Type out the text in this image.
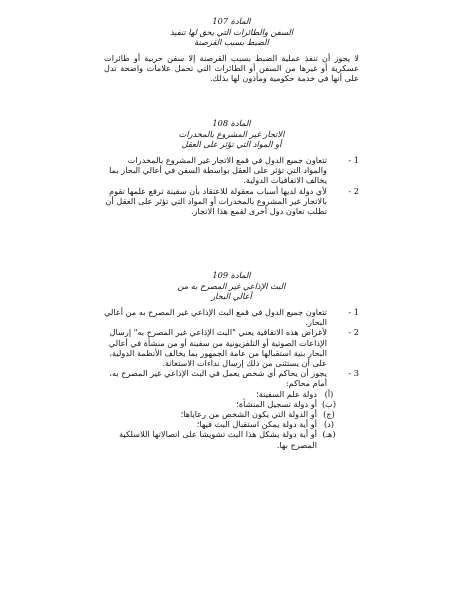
المادة 107
السفن والطائرات التي يحق لها تنفيذ
الضبط بسبب القرصنة
لا يجوز أن تنفذ عملية الضبط بسبب القرصنة إلا سفن حربية أو طائرات عسكرية أو غيرها من السفن أو الطائرات التي تحمل علامات واضحة تدل على أنها في خدمة حكومية ومأذون لها بذلك.
المادة 108
الاتجار غير المشروع بالمخدرات
أو المواد التي تؤثر على العقل
1 -
تتعاون جميع الدول في قمع الاتجار غير المشروع بالمخدرات والمواد التي تؤثر على العقل بواسطة السفن في أعالي البحار بما يخالف الاتفاقيات الدولية.
2 -
لأي دولة لديها أسباب معقولة للاعتقاد بأن سفينة ترفع علمها تقوم بالاتجار غير المشروع بالمخدرات أو المواد التي تؤثر على العقل أن تطلب تعاون دول أخرى لقمع هذا الاتجار.
المادة 109
البث الإذاعي غير المصرح به من
أعالي البحار
1 -
تتعاون جميع الدول في قمع البث الإذاعي غير المصرح به من أعالي البحار.
2 -
لأغراض هذه الاتفاقية يعني "البث الإذاعي غير المصرح به" إرسال الإذاعات الصوتية أو التلفزيونية من سفينة أو من منشأة في أعالي البحار بنية استقبالها من عامة الجمهور بما يخالف الأنظمة الدولية، على أن يستثنى من ذلك إرسال نداءات الاستغاثة.
3 -
يجوز أن يحاكم أي شخص يعمل في البث الإذاعي غير المصرح به، أمام محاكم:
(أ)
دولة علم السفينة؛
(ب)
أو دولة تسجيل المنشأة؛
(ج)
أو الدولة التي يكون الشخص من رعاياها؛
(د)
أو أية دولة يمكن استقبال البث فيها؛
(هـ)
أو أية دولة يشكل هذا البث تشويشا على اتصالاتها اللاسلكية المصرح بها.
